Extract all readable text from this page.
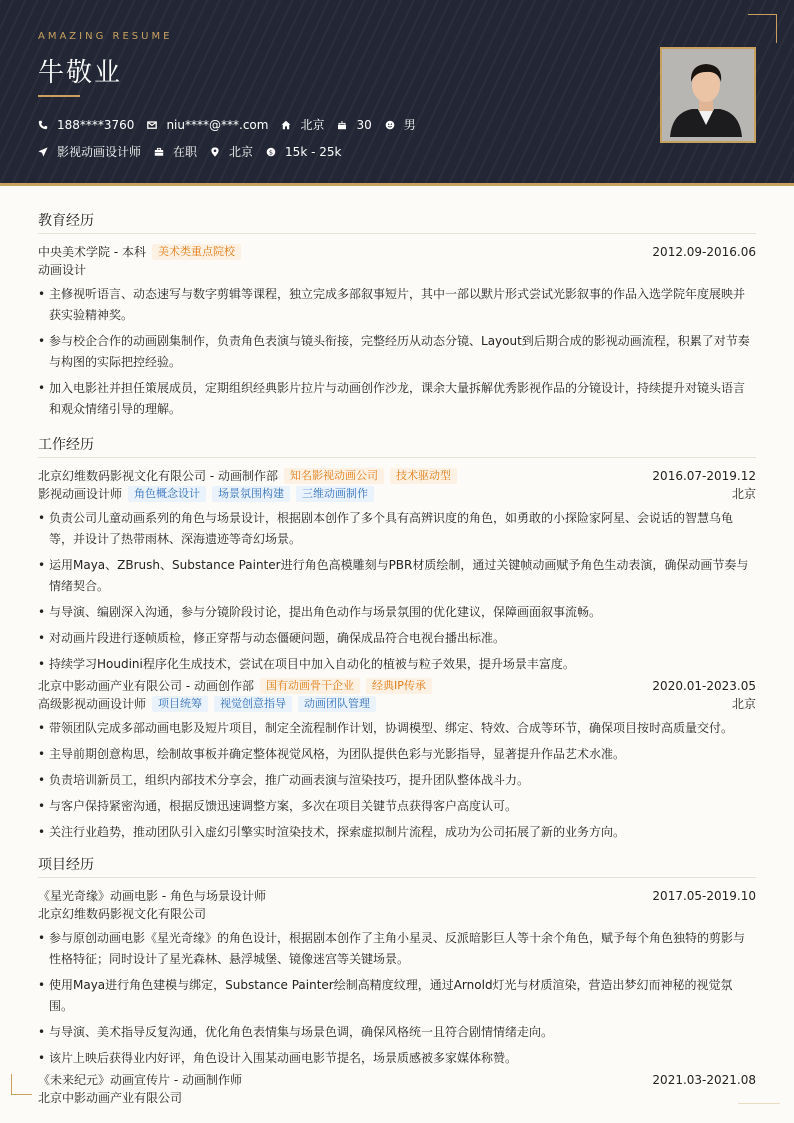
AMAZING RESUME
牛敬业
188****3760	niu****@***.com	北京	30	男
影视动画设计师	在职	北京 $ 15k - 25k
教育经历
中央美术学院 - 本科	美术类重点院校	2012.09-2016.06
动画设计
• 主修视听语言、动态速写与数字剪辑等课程，独立完成多部叙事短片，其中一部以默片形式尝试光影叙事的作品入选学院年度展映并获实验精神奖。
• 参与校企合作的动画剧集制作，负责角色表演与镜头衔接，完整经历从动态分镜、Layout到后期合成的影视动画流程，积累了对节奏与构图的实际把控经验。
• 加入电影社并担任策展成员，定期组织经典影片拉片与动画创作沙龙，课余大量拆解优秀影视作品的分镜设计，持续提升对镜头语言和观众情绪引导的理解。
工作经历
北京幻维数码影视文化有限公司 - 动画制作部	知名影视动画公司	技术驱动型	2016.07-2019.12
影视动画设计师	角色概念设计	场景氛围构建	三维动画制作	北京
• 负责公司儿童动画系列的角色与场景设计，根据剧本创作了多个具有高辨识度的角色，如勇敢的小探险家阿星、会说话的智慧乌龟等，并设计了热带雨林、深海遗迹等奇幻场景。
• 运用Maya、ZBrush、Substance Painter进行角色高模雕刻与PBR材质绘制，通过关键帧动画赋予角色生动表演，确保动画节奏与情绪契合。
• 与导演、编剧深入沟通，参与分镜阶段讨论，提出角色动作与场景氛围的优化建议，保障画面叙事流畅。
• 对动画片段进行逐帧质检，修正穿帮与动态僵硬问题，确保成品符合电视台播出标准。
• 持续学习Houdini程序化生成技术，尝试在项目中加入自动化的植被与粒子效果，提升场景丰富度。
北京中影动画产业有限公司 - 动画创作部	国有动画骨干企业	经典IP传承	2020.01-2023.05
高级影视动画设计师	项目统筹	视觉创意指导	动画团队管理	北京
• 带领团队完成多部动画电影及短片项目，制定全流程制作计划，协调模型、绑定、特效、合成等环节，确保项目按时高质量交付。
• 主导前期创意构思，绘制故事板并确定整体视觉风格，为团队提供色彩与光影指导，显著提升作品艺术水准。
• 负责培训新员工，组织内部技术分享会，推广动画表演与渲染技巧，提升团队整体战斗力。
• 与客户保持紧密沟通，根据反馈迅速调整方案，多次在项目关键节点获得客户高度认可。
• 关注行业趋势，推动团队引入虚幻引擎实时渲染技术，探索虚拟制片流程，成功为公司拓展了新的业务方向。
项目经历
《星光奇缘》动画电影 - 角色与场景设计师	2017.05-2019.10
北京幻维数码影视文化有限公司
• 参与原创动画电影《星光奇缘》的角色设计，根据剧本创作了主角小星灵、反派暗影巨人等十余个角色，赋予每个角色独特的剪影与性格特征；同时设计了星光森林、悬浮城堡、镜像迷宫等关键场景。
• 使用Maya进行角色建模与绑定，Substance Painter绘制高精度纹理，通过Arnold灯光与材质渲染，营造出梦幻而神秘的视觉氛围。
• 与导演、美术指导反复沟通，优化角色表情集与场景色调，确保风格统一且符合剧情情绪走向。
• 该片上映后获得业内好评，角色设计入围某动画电影节提名，场景质感被多家媒体称赞。
《未来纪元》动画宣传片 - 动画制作师	2021.03-2021.08
北京中影动画产业有限公司
